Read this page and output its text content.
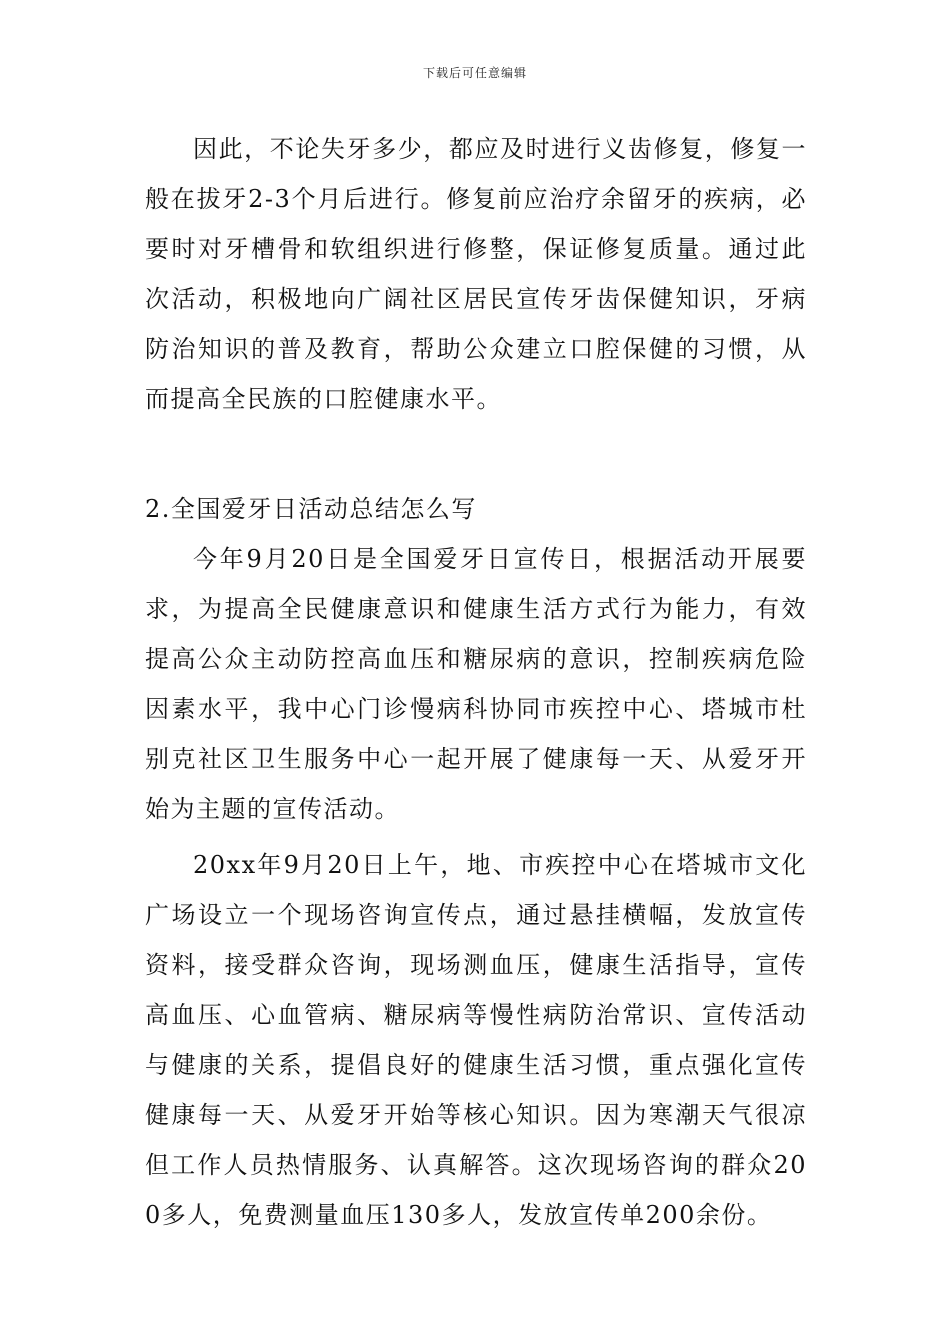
下载后可任意编辑

因此，不论失牙多少，都应及时进行义齿修复，修复一般在拔牙2-3个月后进行。修复前应治疗余留牙的疾病，必要时对牙槽骨和软组织进行修整，保证修复质量。通过此次活动，积极地向广阔社区居民宣传牙齿保健知识，牙病防治知识的普及教育，帮助公众建立口腔保健的习惯，从而提高全民族的口腔健康水平。

2.全国爱牙日活动总结怎么写

今年9月20日是全国爱牙日宣传日，根据活动开展要求，为提高全民健康意识和健康生活方式行为能力，有效提高公众主动防控高血压和糖尿病的意识，控制疾病危险因素水平，我中心门诊慢病科协同市疾控中心、塔城市杜别克社区卫生服务中心一起开展了健康每一天、从爱牙开始为主题的宣传活动。

20xx年9月20日上午，地、市疾控中心在塔城市文化广场设立一个现场咨询宣传点，通过悬挂横幅，发放宣传资料，接受群众咨询，现场测血压，健康生活指导，宣传高血压、心血管病、糖尿病等慢性病防治常识、宣传活动与健康的关系，提倡良好的健康生活习惯，重点强化宣传健康每一天、从爱牙开始等核心知识。因为寒潮天气很凉但工作人员热情服务、认真解答。这次现场咨询的群众200多人，免费测量血压130多人，发放宣传单200余份。
